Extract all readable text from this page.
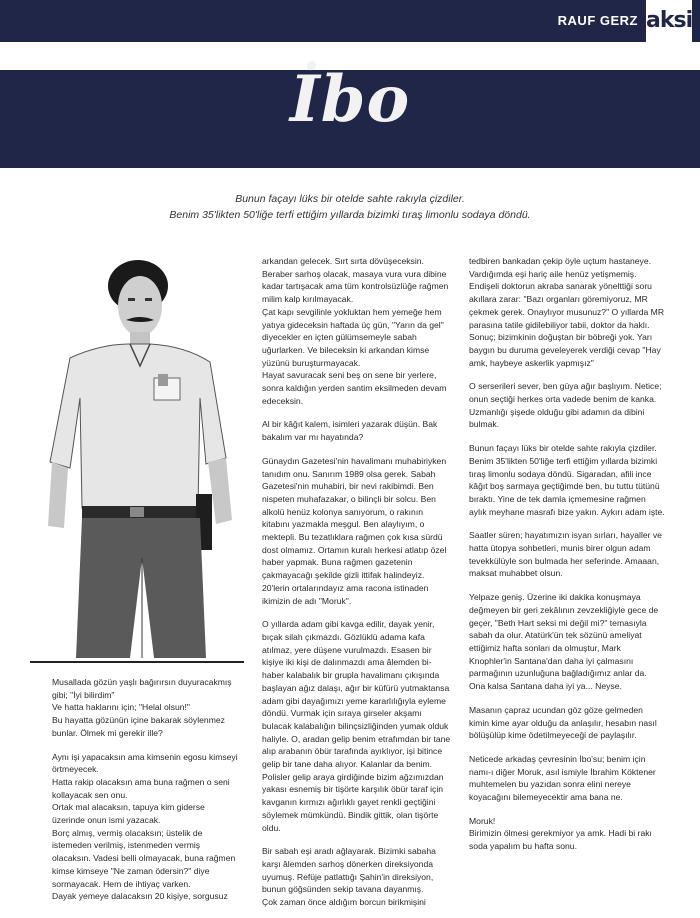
RAUF GERZ aksi
İbo
Bunun façayı lüks bir otelde sahte rakıyla çizdiler.
Benim 35'likten 50'liğe terfi ettiğim yıllarda bizimki tıraş limonlu sodaya döndü.

Musallada gözün yaşlı bağırırsın duyuracakmış gibi; "İyi bilirdim"
Ve hatta haklarını için; "Helal olsun!"
Bu hayatta gözünün içine bakarak söylenmez bunlar. Ölmek mi gerekir ille?

Aynı işi yapacaksın ama kimsenin egosu kimseyi örtmeyecek.
Hatta rakip olacaksın ama buna rağmen o seni kollayacak sen onu.
Ortak mal alacaksın, tapuya kim giderse üzerinde onun ismi yazacak.
Borç almış, vermiş olacaksın; üstelik de istemeden verilmiş, istenmeden vermiş olacaksın. Vadesi belli olmayacak, buna rağmen kimse kimseye "Ne zaman ödersin?" diye sormayacak. Hem de ihtiyaç varken.
Dayak yemeye dalacaksın 20 kişiye, sorgusuz

arkandan gelecek. Sırt sırta dövüşeceksin.
Beraber sarhoş olacak, masaya vura vura dibine kadar tartışacak ama tüm kontrolsüzlüğe rağmen milim kalp kırılmayacak.
Çat kapı sevgilinle yokluktan hem yemeğe hem yatıya gideceksin haftada üç gün, "Yarın da gel" diyecekler en içten gülümsemeyle sabah uğurlarken. Ve bileceksin ki arkandan kimse yüzünü buruşturmayacak.
Hayat savuracak seni beş on sene bir yerlere, sonra kaldığın yerden santim eksilmeden devam edeceksin.

Al bir kâğıt kalem, isimleri yazarak düşün. Bak bakalım var mı hayatında?

Günaydın Gazetesi'nin havalimanı muhabiriyken tanıdım onu. Sanırım 1989 olsa gerek. Sabah Gazetesi'nin muhabiri, bir nevi rakibimdi. Ben nispeten muhafazakar, o bilinçli bir solcu. Ben alkolü henüz kolonya sanıyorum, o rakının kitabını yazmakla meşgul. Ben alaylıyım, o mektepli. Bu tezatlıklara rağmen çok kısa sürdü dost olmamız. Ortamın kuralı herkesi atlatıp özel haber yapmak. Buna rağmen gazetenin çakmayacağı şekilde gizli ittifak halindeyiz. 20'lerin ortalarındayız ama racona istinaden ikimizin de adı "Moruk".

O yıllarda adam gibi kavga edilir, dayak yenir, bıçak silah çıkmazdı. Gözlüklü adama kafa atılmaz, yere düşene vurulmazdı. Esasen bir kişiye iki kişi de dalınmazdı ama âlemden bi-haber kalabalık bir grupla havalimanı çıkışında başlayan ağız dalaşı, ağır bir küfürü yutmaktansa adam gibi dayağımızı yeme kararlılığıyla eyleme döndü. Vurmak için sıraya girseler akşamı bulacak kalabalığın bilinçsizliğinden yumak olduk haliyle. O, aradan gelip benim etrafımdan bir tane alıp arabanın öbür tarafında ayıklıyor, işi bitince gelip bir tane daha alıyor. Kalanlar da benim. Polisler gelip araya girdiğinde bizim ağzımızdan yakası esnemiş bir tişörte karşılık öbür taraf için kavganın kırmızı ağırlıklı gayet renkli geçtiğini söylemek mümkündü. Bindik gittik, olan tişörte oldu.

Bir sabah eşi aradı ağlayarak. Bizimki sabaha karşı âlemden sarhoş dönerken direksiyonda uyumuş. Refüje patlattığı Şahin'in direksiyon, bunun göğsünden sekip tavana dayanmış.
Çok zaman önce aldığım borcun birikmişini

tedbiren bankadan çekip öyle uçtum hastaneye. Vardığımda eşi hariç aile henüz yetişmemiş. Endişeli doktorun akraba sanarak yönelttiği soru akıllara zarar: "Bazı organları göremiyoruz, MR çekmek gerek. Onaylıyor musunuz?" O yıllarda MR parasına tatile gidilebiliyor tabii, doktor da haklı. Sonuç; bizimkinin doğuştan bir böbreği yok. Yarı baygın bu duruma geveleyerek verdiği cevap "Hay amk, haybeye askerlik yapmışız"

O serserileri sever, ben güya ağır başlıyım. Netice; onun seçtiği herkes orta vadede benim de kanka. Uzmanlığı şişede olduğu gibi adamın da dibini bulmak.

Bunun façayı lüks bir otelde sahte rakıyla çizdiler. Benim 35'likten 50'liğe terfi ettiğim yıllarda bizimki tıraş limonlu sodaya döndü. Sigaradan, afili ince kâğıt boş sarmaya geçtiğimde ben, bu tuttu tütünü bıraktı. Yine de tek damla içmemesine rağmen aylık meyhane masrafı bize yakın. Aykırı adam işte.

Saatler süren; hayatımızın isyan sırları, hayaller ve hatta ütopya sohbetleri, munis birer olgun adam tevekkülüyle son bulmada her seferinde. Amaaan, maksat muhabbet olsun.

Yelpaze geniş. Üzerine iki dakika konuşmaya değmeyen bir geri zekâlının zevzekliğiyle gece de geçer, "Beth Hart seksi mi değil mi?" temasıyla sabah da olur. Atatürk'ün tek sözünü ameliyat ettiğimiz hafta sonları da olmuştur, Mark Knophler'in Santana'dan daha iyi çalmasını parmağının uzunluğuna bağladığımız anlar da. Ona kalsa Santana daha iyi ya... Neyse.

Masanın çapraz ucundan göz göze gelmeden kimin kime ayar olduğu da anlaşılır, hesabın nasıl bölüşülüp kime ödetilmeyeceği de paylaşılır.

Neticede arkadaş çevresinin İbo'su; benim için namı-ı diğer Moruk, asıl ismiyle İbrahim Köktener muhtemelen bu yazıdan sonra elini nereye koyacağını bilemeyecektir ama bana ne.

Moruk!
Birimizin ölmesi gerekmiyor ya amk. Hadi bi rakı soda yapalım bu hafta sonu.
